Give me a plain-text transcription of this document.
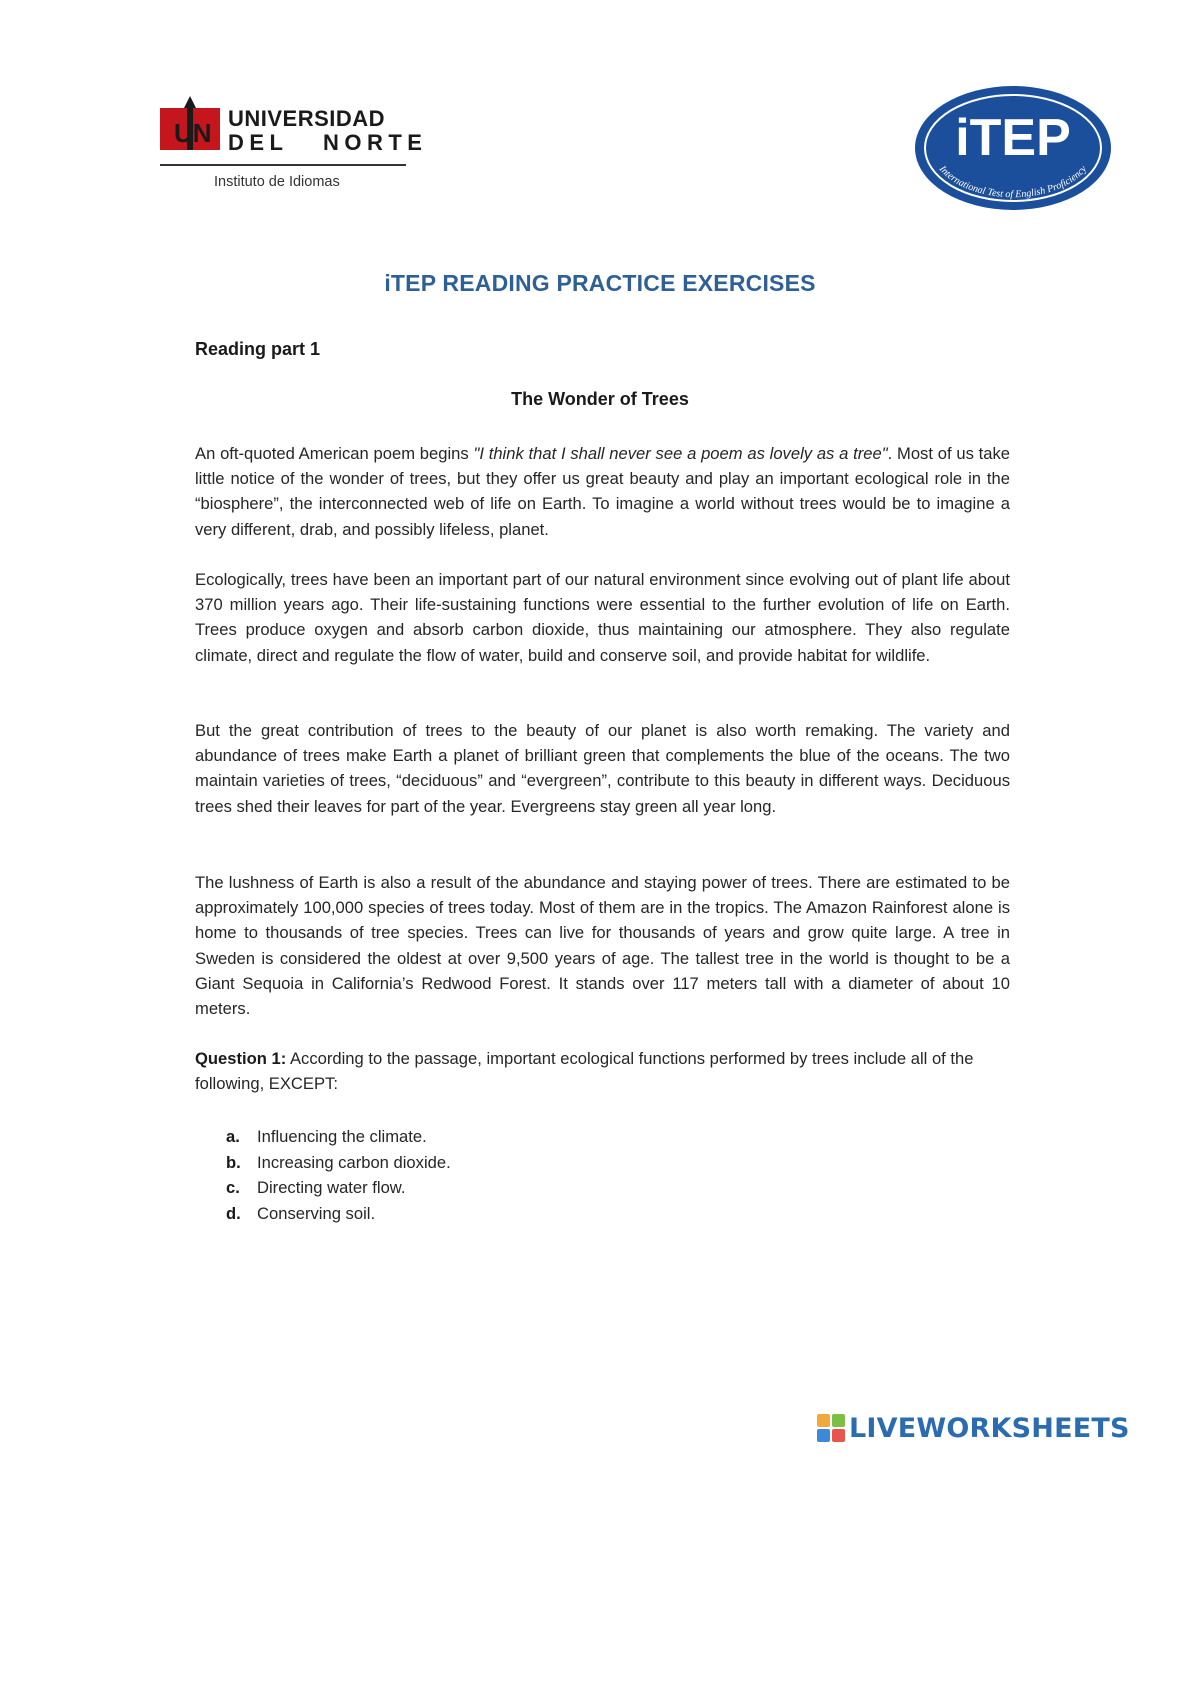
UN UNIVERSIDAD
DEL   NORTE
Instituto de Idiomas
iTEP
International Test of English Proficiency
iTEP READING PRACTICE EXERCISES
Reading part 1
The Wonder of Trees

An oft-quoted American poem begins "I think that I shall never see a poem as lovely as a tree". Most of us take little notice of the wonder of trees, but they offer us great beauty and play an important ecological role in the “biosphere”, the interconnected web of life on Earth. To imagine a world without trees would be to imagine a very different, drab, and possibly lifeless, planet.

Ecologically, trees have been an important part of our natural environment since evolving out of plant life about 370 million years ago. Their life-sustaining functions were essential to the further evolution of life on Earth. Trees produce oxygen and absorb carbon dioxide, thus maintaining our atmosphere. They also regulate climate, direct and regulate the flow of water, build and conserve soil, and provide habitat for wildlife.

But the great contribution of trees to the beauty of our planet is also worth remaking. The variety and abundance of trees make Earth a planet of brilliant green that complements the blue of the oceans. The two maintain varieties of trees, “deciduous” and “evergreen”, contribute to this beauty in different ways. Deciduous trees shed their leaves for part of the year. Evergreens stay green all year long.

The lushness of Earth is also a result of the abundance and staying power of trees. There are estimated to be approximately 100,000 species of trees today. Most of them are in the tropics. The Amazon Rainforest alone is home to thousands of tree species. Trees can live for thousands of years and grow quite large. A tree in Sweden is considered the oldest at over 9,500 years of age. The tallest tree in the world is thought to be a Giant Sequoia in California’s Redwood Forest. It stands over 117 meters tall with a diameter of about 10 meters.

Question 1: According to the passage, important ecological functions performed by trees include all of the following, EXCEPT:

a. Influencing the climate.
b. Increasing carbon dioxide.
c. Directing water flow.
d. Conserving soil.
LIVEWORKSHEETS
